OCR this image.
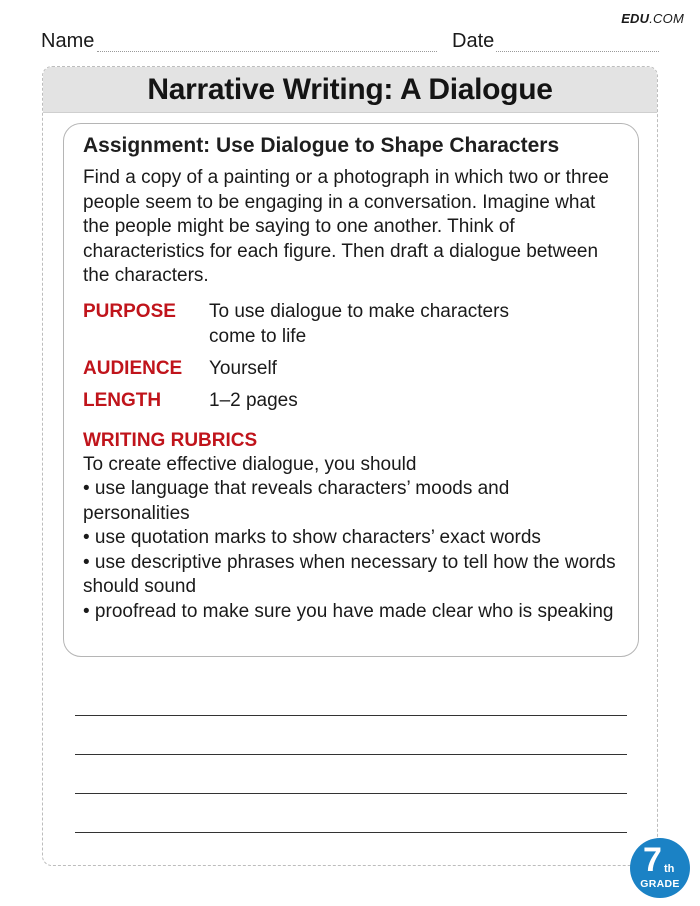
EDU.COM
Name	Date
Narrative Writing: A Dialogue
Assignment: Use Dialogue to Shape Characters

Find a copy of a painting or a photograph in which two or three people seem to be engaging in a conversation. Imagine what the people might be saying to one another. Think of characteristics for each figure. Then draft a dialogue between the characters.

PURPOSE	To use dialogue to make characters come to life
AUDIENCE	Yourself
LENGTH	1–2 pages
WRITING RUBRICS

To create effective dialogue, you should

• use language that reveals characters’ moods and personalities

• use quotation marks to show characters’ exact words

• use descriptive phrases when necessary to tell how the words should sound

• proofread to make sure you have made clear who is speaking

7 th
GRADE
